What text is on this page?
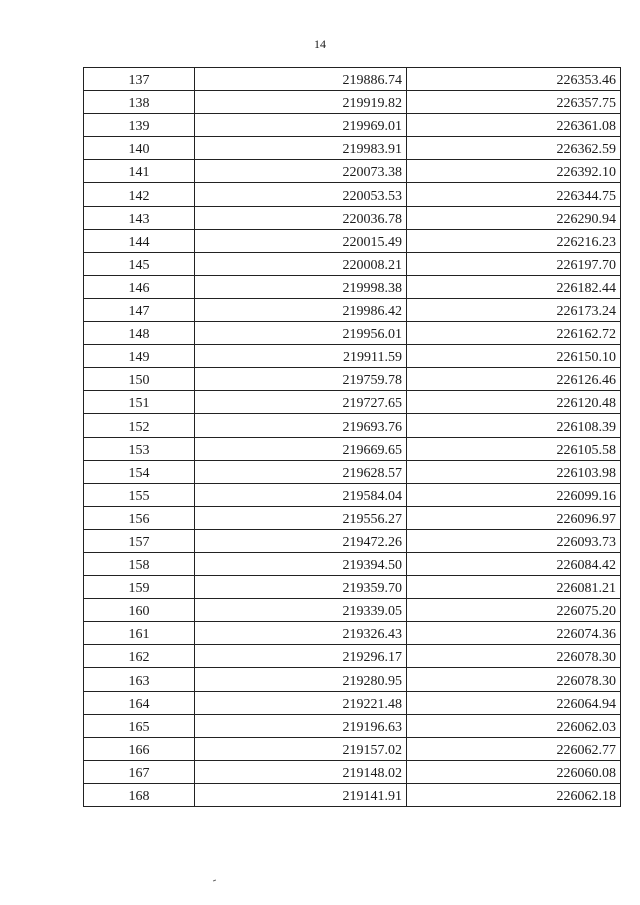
14
137	219886.74	226353.46
138	219919.82	226357.75
139	219969.01	226361.08
140	219983.91	226362.59
141	220073.38	226392.10
142	220053.53	226344.75
143	220036.78	226290.94
144	220015.49	226216.23
145	220008.21	226197.70
146	219998.38	226182.44
147	219986.42	226173.24
148	219956.01	226162.72
149	219911.59	226150.10
150	219759.78	226126.46
151	219727.65	226120.48
152	219693.76	226108.39
153	219669.65	226105.58
154	219628.57	226103.98
155	219584.04	226099.16
156	219556.27	226096.97
157	219472.26	226093.73
158	219394.50	226084.42
159	219359.70	226081.21
160	219339.05	226075.20
161	219326.43	226074.36
162	219296.17	226078.30
163	219280.95	226078.30
164	219221.48	226064.94
165	219196.63	226062.03
166	219157.02	226062.77
167	219148.02	226060.08
168	219141.91	226062.18
